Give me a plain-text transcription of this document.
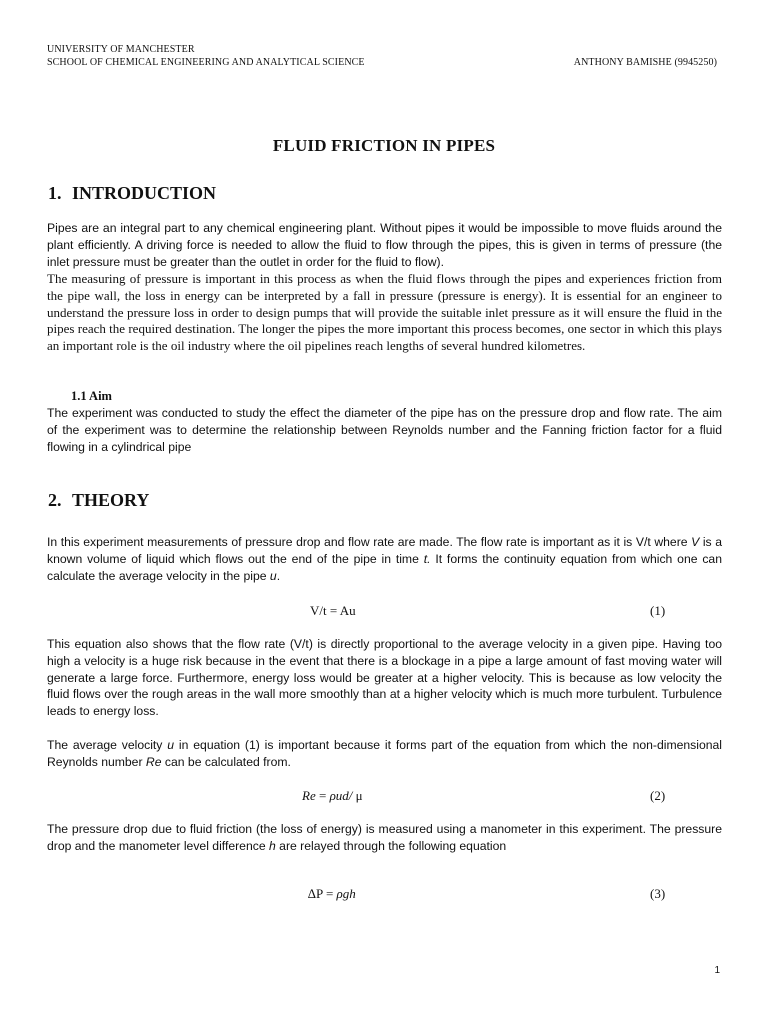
UNIVERSITY OF MANCHESTER
SCHOOL OF CHEMICAL ENGINEERING AND ANALYTICAL SCIENCE	ANTHONY BAMISHE (9945250)
FLUID FRICTION IN PIPES
1. INTRODUCTION
Pipes are an integral part to any chemical engineering plant. Without pipes it would be impossible to move fluids around the plant efficiently. A driving force is needed to allow the fluid to flow through the pipes, this is given in terms of pressure (the inlet pressure must be greater than the outlet in order for the fluid to flow).
The measuring of pressure is important in this process as when the fluid flows through the pipes and experiences friction from the pipe wall, the loss in energy can be interpreted by a fall in pressure (pressure is energy). It is essential for an engineer to understand the pressure loss in order to design pumps that will provide the suitable inlet pressure as it will ensure the fluid in the pipes reach the required destination. The longer the pipes the more important this process becomes, one sector in which this plays an important role is the oil industry where the oil pipelines reach lengths of several hundred kilometres.
1.1 Aim
The experiment was conducted to study the effect the diameter of the pipe has on the pressure drop and flow rate. The aim of the experiment was to determine the relationship between Reynolds number and the Fanning friction factor for a fluid flowing in a cylindrical pipe
2. THEORY
In this experiment measurements of pressure drop and flow rate are made. The flow rate is important as it is V/t where V is a known volume of liquid which flows out the end of the pipe in time t. It forms the continuity equation from which one can calculate the average velocity in the pipe u.
V/t = Au	(1)
This equation also shows that the flow rate (V/t) is directly proportional to the average velocity in a given pipe. Having too high a velocity is a huge risk because in the event that there is a blockage in a pipe a large amount of fast moving water will generate a large force. Furthermore, energy loss would be greater at a higher velocity. This is because as low velocity the fluid flows over the rough areas in the wall more smoothly than at a higher velocity which is much more turbulent. Turbulence leads to energy loss.
The average velocity u in equation (1) is important because it forms part of the equation from which the non-dimensional Reynolds number Re can be calculated from.
Re = ρud/ μ	(2)
The pressure drop due to fluid friction (the loss of energy) is measured using a manometer in this experiment. The pressure drop and the manometer level difference h are relayed through the following equation
∆P = ρgh	(3)
1
